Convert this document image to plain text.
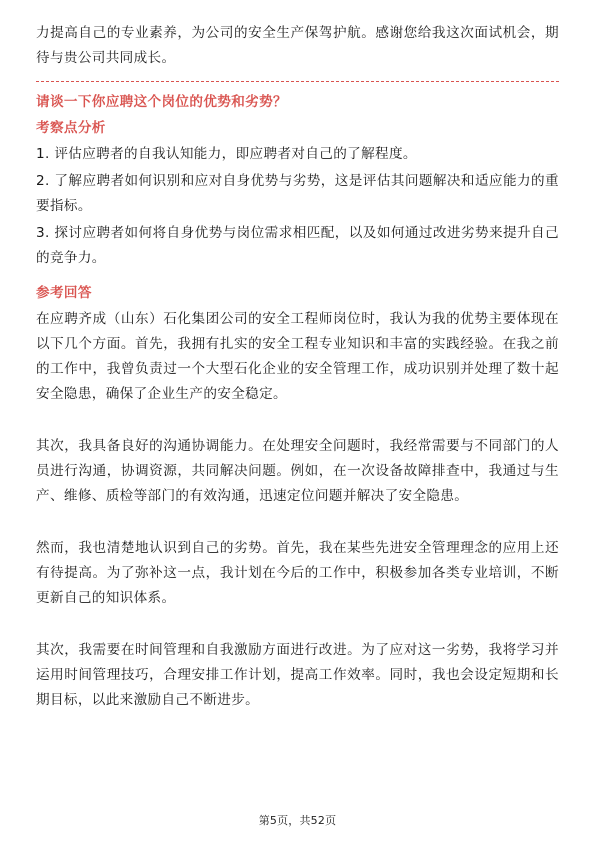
力提高自己的专业素养，为公司的安全生产保驾护航。感谢您给我这次面试机会，期待与贵公司共同成长。

请谈一下你应聘这个岗位的优势和劣势？
考察点分析

1. 评估应聘者的自我认知能力，即应聘者对自己的了解程度。

2. 了解应聘者如何识别和应对自身优势与劣势，这是评估其问题解决和适应能力的重要指标。

3. 探讨应聘者如何将自身优势与岗位需求相匹配，以及如何通过改进劣势来提升自己的竞争力。

参考回答

在应聘齐成（山东）石化集团公司的安全工程师岗位时，我认为我的优势主要体现在以下几个方面。首先，我拥有扎实的安全工程专业知识和丰富的实践经验。在我之前的工作中，我曾负责过一个大型石化企业的安全管理工作，成功识别并处理了数十起安全隐患，确保了企业生产的安全稳定。

其次，我具备良好的沟通协调能力。在处理安全问题时，我经常需要与不同部门的人员进行沟通，协调资源，共同解决问题。例如，在一次设备故障排查中，我通过与生产、维修、质检等部门的有效沟通，迅速定位问题并解决了安全隐患。

然而，我也清楚地认识到自己的劣势。首先，我在某些先进安全管理理念的应用上还有待提高。为了弥补这一点，我计划在今后的工作中，积极参加各类专业培训，不断更新自己的知识体系。

其次，我需要在时间管理和自我激励方面进行改进。为了应对这一劣势，我将学习并运用时间管理技巧，合理安排工作计划，提高工作效率。同时，我也会设定短期和长期目标，以此来激励自己不断进步。

第5页，共52页
